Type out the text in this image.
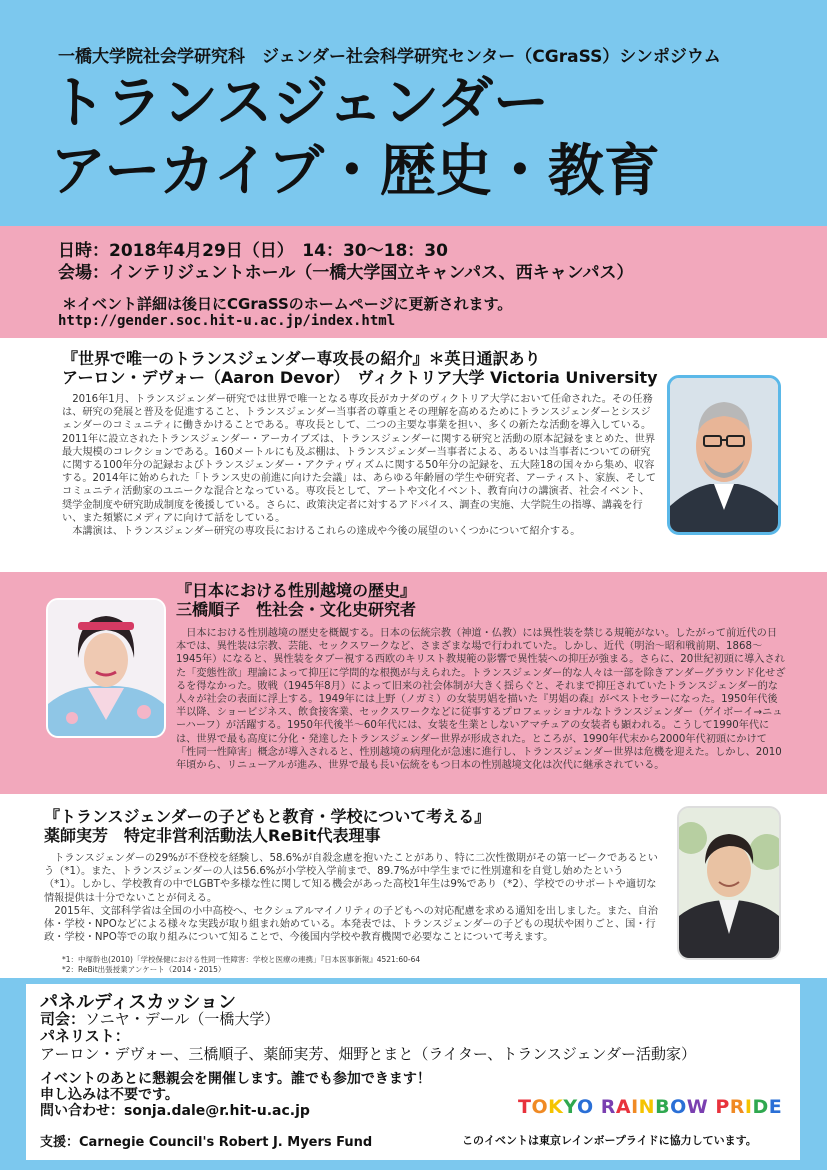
一橋大学院社会学研究科　ジェンダー社会科学研究センター（CGraSS）シンポジウム
トランスジェンダー
アーカイブ・歴史・教育
日時：2018年4月29日（日）　14：30～18：30
会場：インテリジェントホール（一橋大学国立キャンパス、西キャンパス）
＊イベント詳細は後日にCGraSSのホームページに更新されます。
http://gender.soc.hit-u.ac.jp/index.html
『世界で唯一のトランスジェンダー専攻長の紹介』＊英日通訳あり
アーロン・デヴォー（Aaron Devor）　ヴィクトリア大学 Victoria University

2016年1月、トランスジェンダー研究では世界で唯一となる専攻長がカナダのヴィクトリア大学において任命された。その任務は、研究の発展と普及を促進すること、トランスジェンダー当事者の尊重とその理解を高めるためにトランスジェンダーとシスジェンダーのコミュニティに働きかけることである。専攻長として、二つの主要な事業を担い、多くの新たな活動を導入している。2011年に設立されたトランスジェンダー・アーカイブズは、トランスジェンダーに関する研究と活動の原本記録をまとめた、世界最大規模のコレクションである。160メートルにも及ぶ棚は、トランスジェンダー当事者による、あるいは当事者についての研究に関する100年分の記録およびトランスジェンダー・アクティヴィズムに関する50年分の記録を、五大陸18の国々から集め、収容する。2014年に始められた「トランス史の前進に向けた会議」は、あらゆる年齢層の学生や研究者、アーティスト、家族、そしてコミュニティ活動家のユニークな混合となっている。専攻長として、アートや文化イベント、教育向けの講演者、社会イベント、奨学金制度や研究助成制度を後援している。さらに、政策決定者に対するアドバイス、調査の実施、大学院生の指導、講義を行い、また頻繁にメディアに向けて話をしている。

本講演は、トランスジェンダー研究の専攻長におけるこれらの達成や今後の展望のいくつかについて紹介する。

『日本における性別越境の歴史』
三橋順子　性社会・文化史研究者

日本における性別越境の歴史を概観する。日本の伝統宗教（神道・仏教）には異性装を禁じる規範がない。したがって前近代の日本では、異性装は宗教、芸能、セックスワークなど、さまざまな場で行われていた。しかし、近代（明治～昭和戦前期、1868～1945年）になると、異性装をタブー視する西欧のキリスト教規範の影響で異性装への抑圧が強まる。さらに、20世紀初頭に導入された「変態性欲」理論によって抑圧に学問的な根拠が与えられた。トランスジェンダー的な人々は一部を除きアンダーグラウンド化せざるを得なかった。敗戦（1945年8月）によって旧来の社会体制が大きく揺らぐと、それまで抑圧されていたトランスジェンダー的な人々が社会の表面に浮上する。1949年には上野（ノガミ）の女装男娼を描いた『男娼の森』がベストセラーになった。1950年代後半以降、ショービジネス、飲食接客業、セックスワークなどに従事するプロフェッショナルなトランスジェンダー（ゲイボーイ→ニューハーフ）が活躍する。1950年代後半～60年代には、女装を生業としないアマチュアの女装者も顕われる。こうして1990年代には、世界で最も高度に分化・発達したトランスジェンダー世界が形成された。ところが、1990年代末から2000年代初頭にかけて「性同一性障害」概念が導入されると、性別越境の病理化が急速に進行し、トランスジェンダー世界は危機を迎えた。しかし、2010年頃から、リニューアルが進み、世界で最も長い伝統をもつ日本の性別越境文化は次代に継承されている。

『トランスジェンダーの子どもと教育・学校について考える』
薬師実芳　特定非営利活動法人ReBit代表理事

トランスジェンダーの29%が不登校を経験し、58.6%が自殺念慮を抱いたことがあり、特に二次性徴期がその第一ピークであるという（*1）。また、トランスジェンダーの人は56.6%が小学校入学前まで、89.7%が中学生までに性別違和を自覚し始めたという（*1）。しかし、学校教育の中でLGBTや多様な性に関して知る機会があった高校1年生は9%であり（*2）、学校でのサポートや適切な情報提供は十分でないことが伺える。

2015年、文部科学省は全国の小中高校へ、セクシュアルマイノリティの子どもへの対応配慮を求める通知を出しました。また、自治体・学校・NPOなどによる様々な実践が取り組まれ始めている。本発表では、トランスジェンダーの子どもの現状や困りごと、国・行政・学校・NPO等での取り組みについて知ることで、今後国内学校や教育機関で必要なことについて考えます。

*1：中塚幹也(2010)「学校保健における性同一性障害：学校と医療の連携」『日本医事新報』4521:60-64
*2：ReBit出張授業アンケート（2014・2015）
パネルディスカッション
司会：ソニヤ・デール（一橋大学）
パネリスト：
アーロン・デヴォー、三橋順子、薬師実芳、畑野とまと（ライター、トランスジェンダー活動家）
イベントのあとに懇親会を開催します。誰でも参加できます！
申し込みは不要です。
問い合わせ：sonja.dale@r.hit-u.ac.jp
支援：Carnegie Council's Robert J. Myers Fund
TOKYO RAINBOW PRIDE
このイベントは東京レインボープライドに協力しています。
